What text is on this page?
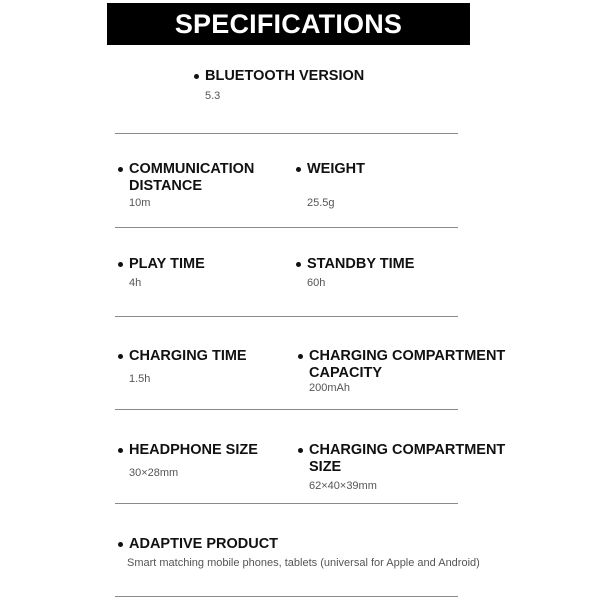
SPECIFICATIONS
BLUETOOTH VERSION
5.3
COMMUNICATION
DISTANCE
10m
WEIGHT
25.5g
PLAY TIME
4h
STANDBY TIME
60h
CHARGING TIME
1.5h
CHARGING COMPARTMENT
CAPACITY
200mAh
HEADPHONE SIZE
30×28mm
CHARGING COMPARTMENT
SIZE
62×40×39mm
ADAPTIVE PRODUCT
Smart matching mobile phones, tablets (universal for Apple and Android)
